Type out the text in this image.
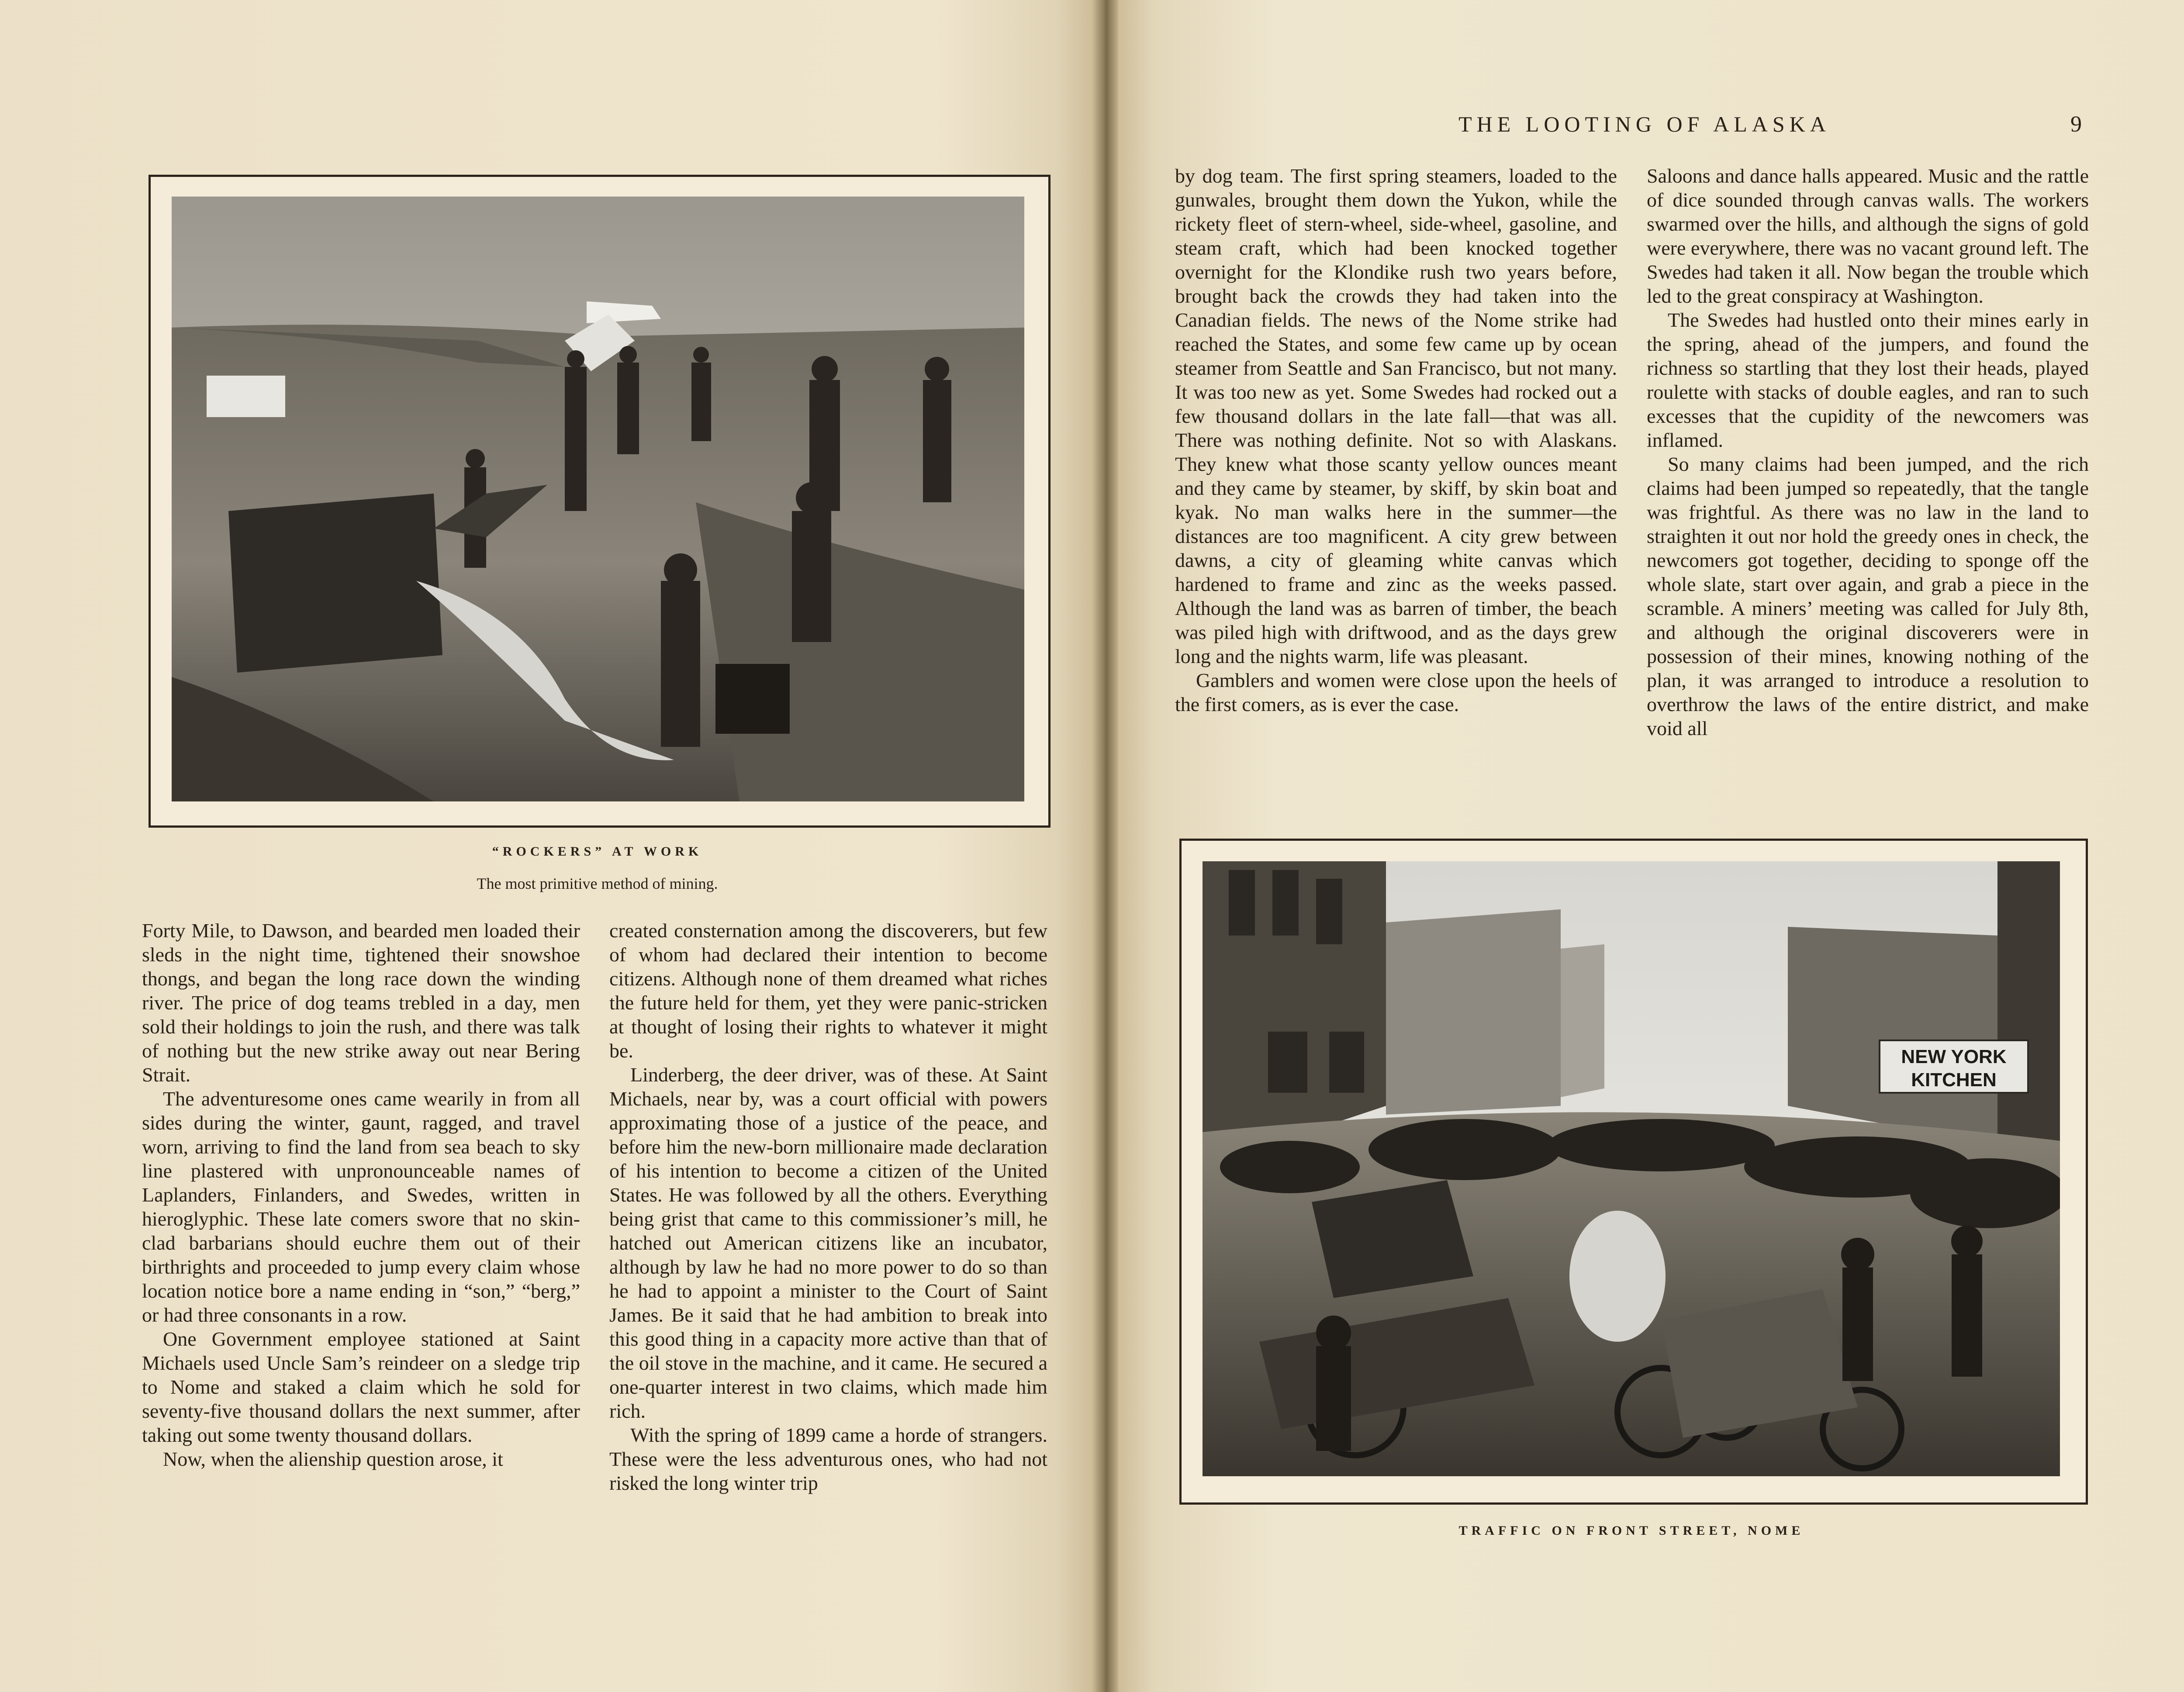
THE LOOTING OF ALASKA	9
“ROCKERS” AT WORK
The most primitive method of mining.

Forty Mile, to Dawson, and bearded men loaded their sleds in the night time, tightened their snowshoe thongs, and began the long race down the winding river. The price of dog teams trebled in a day, men sold their holdings to join the rush, and there was talk of nothing but the new strike away out near Bering Strait.

The adventuresome ones came wearily in from all sides during the winter, gaunt, ragged, and travel worn, arriving to find the land from sea beach to sky line plastered with unpronounceable names of Laplanders, Finlanders, and Swedes, written in hieroglyphic. These late comers swore that no skin-clad barbarians should euchre them out of their birthrights and proceeded to jump every claim whose location notice bore a name ending in “son,” “berg,” or had three consonants in a row.

One Government employee stationed at Saint Michaels used Uncle Sam’s reindeer on a sledge trip to Nome and staked a claim which he sold for seventy-five thousand dollars the next summer, after taking out some twenty thousand dollars.

Now, when the alienship question arose, it

created consternation among the discoverers, but few of whom had declared their intention to become citizens. Although none of them dreamed what riches the future held for them, yet they were panic-stricken at thought of losing their rights to whatever it might be.

Linderberg, the deer driver, was of these. At Saint Michaels, near by, was a court official with powers approximating those of a justice of the peace, and before him the new-born millionaire made declaration of his intention to become a citizen of the United States. He was followed by all the others. Everything being grist that came to this commissioner’s mill, he hatched out American citizens like an incubator, although by law he had no more power to do so than he had to appoint a minister to the Court of Saint James. Be it said that he had ambition to break into this good thing in a capacity more active than that of the oil stove in the machine, and it came. He secured a one-quarter interest in two claims, which made him rich.

With the spring of 1899 came a horde of strangers. These were the less adventurous ones, who had not risked the long winter trip

by dog team. The first spring steamers, loaded to the gunwales, brought them down the Yukon, while the rickety fleet of stern-wheel, side-wheel, gasoline, and steam craft, which had been knocked together overnight for the Klondike rush two years before, brought back the crowds they had taken into the Canadian fields. The news of the Nome strike had reached the States, and some few came up by ocean steamer from Seattle and San Francisco, but not many. It was too new as yet. Some Swedes had rocked out a few thousand dollars in the late fall—that was all. There was nothing definite. Not so with Alaskans. They knew what those scanty yellow ounces meant and they came by steamer, by skiff, by skin boat and kyak. No man walks here in the summer—the distances are too magnificent. A city grew between dawns, a city of gleaming white canvas which hardened to frame and zinc as the weeks passed. Although the land was as barren of timber, the beach was piled high with driftwood, and as the days grew long and the nights warm, life was pleasant.

Gamblers and women were close upon the heels of the first comers, as is ever the case.

Saloons and dance halls appeared. Music and the rattle of dice sounded through canvas walls. The workers swarmed over the hills, and although the signs of gold were everywhere, there was no vacant ground left. The Swedes had taken it all. Now began the trouble which led to the great conspiracy at Washington.

The Swedes had hustled onto their mines early in the spring, ahead of the jumpers, and found the richness so startling that they lost their heads, played roulette with stacks of double eagles, and ran to such excesses that the cupidity of the newcomers was inflamed.

So many claims had been jumped, and the rich claims had been jumped so repeatedly, that the tangle was frightful. As there was no law in the land to straighten it out nor hold the greedy ones in check, the newcomers got together, deciding to sponge off the whole slate, start over again, and grab a piece in the scramble. A miners’ meeting was called for July 8th, and although the original discoverers were in possession of their mines, knowing nothing of the plan, it was arranged to introduce a resolution to overthrow the laws of the entire district, and make void all

NEW YORK
KITCHEN
TRAFFIC ON FRONT STREET, NOME
